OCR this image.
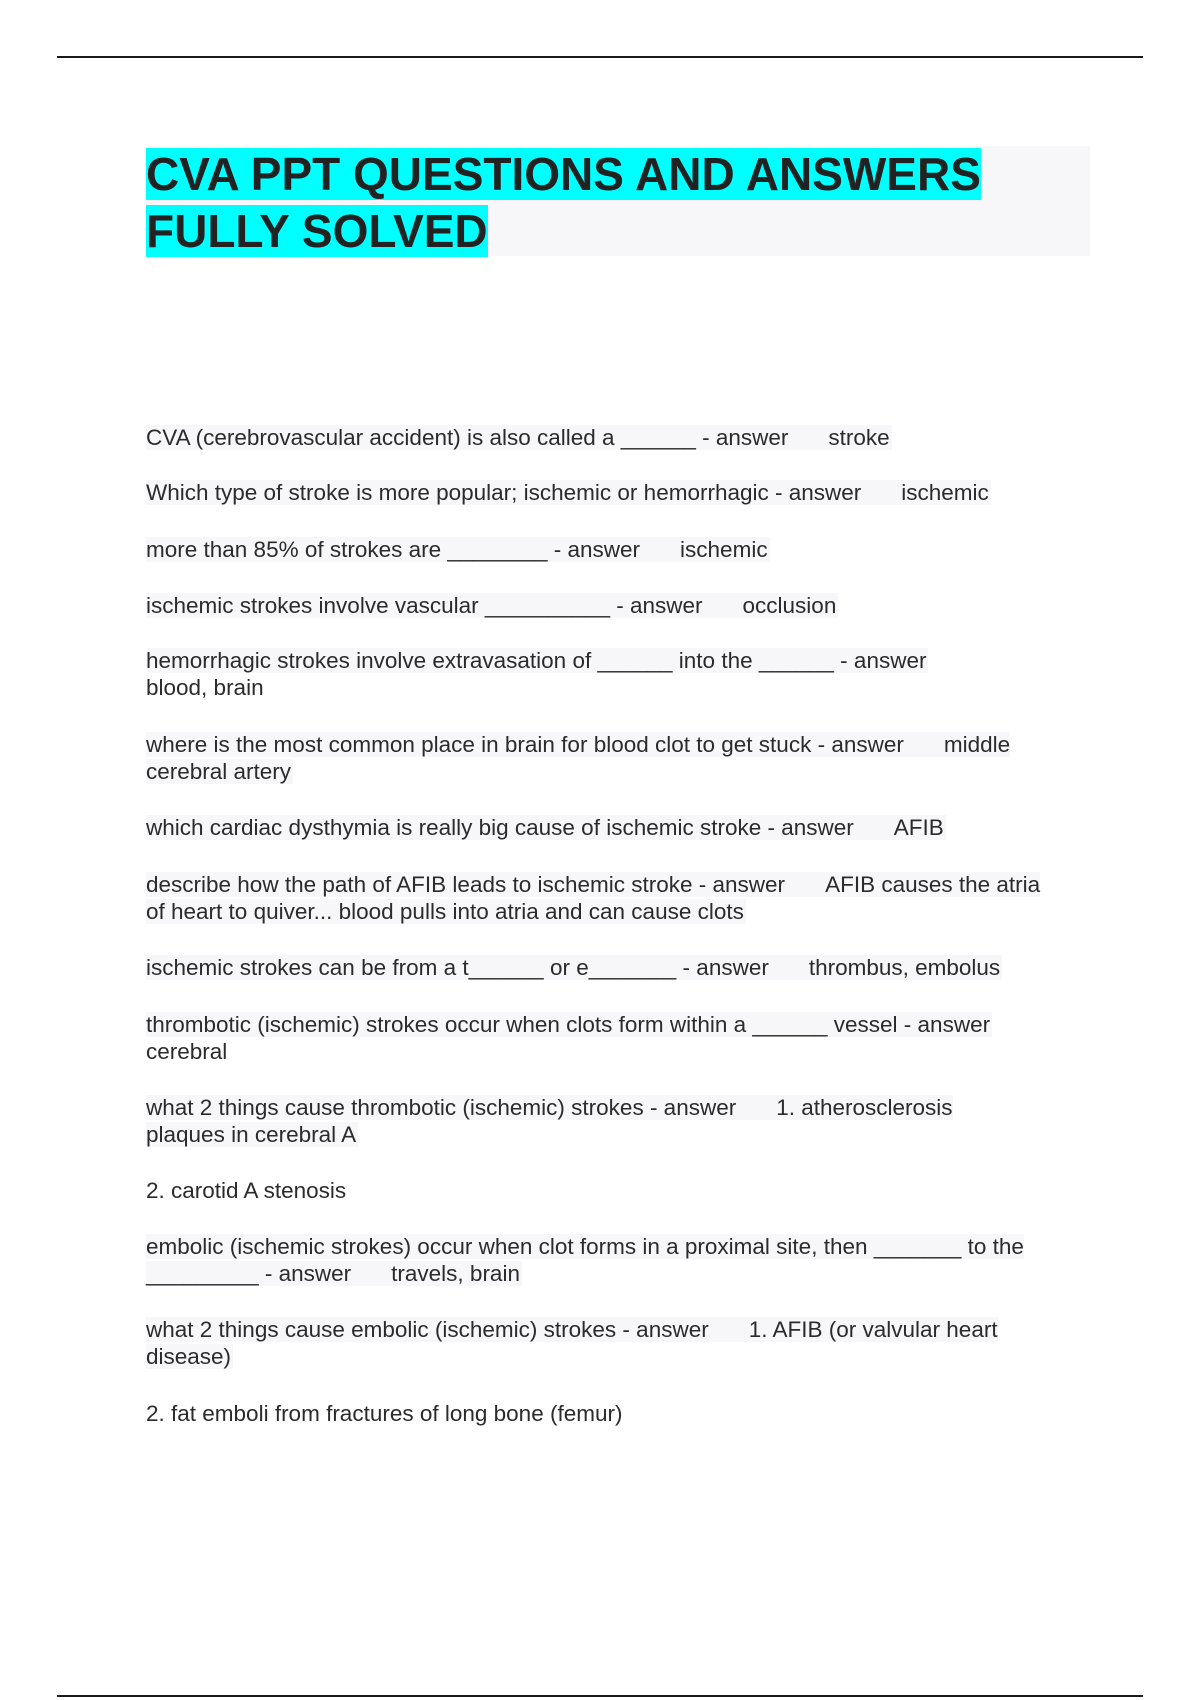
CVA PPT QUESTIONS AND ANSWERS
FULLY SOLVED
CVA (cerebrovascular accident) is also called a ______ - answer stroke
Which type of stroke is more popular; ischemic or hemorrhagic - answer ischemic
more than 85% of strokes are ________ - answer ischemic
ischemic strokes involve vascular __________ - answer occlusion
hemorrhagic strokes involve extravasation of ______ into the ______ - answer
blood, brain
where is the most common place in brain for blood clot to get stuck - answer middle cerebral artery
which cardiac dysthymia is really big cause of ischemic stroke - answer AFIB
describe how the path of AFIB leads to ischemic stroke - answer AFIB causes the atria of heart to quiver... blood pulls into atria and can cause clots
ischemic strokes can be from a t______ or e_______ - answer thrombus, embolus
thrombotic (ischemic) strokes occur when clots form within a ______ vessel - answer
cerebral
what 2 things cause thrombotic (ischemic) strokes - answer 1. atherosclerosis plaques in cerebral A
2. carotid A stenosis
embolic (ischemic strokes) occur when clot forms in a proximal site, then _______ to the _________ - answer travels, brain
what 2 things cause embolic (ischemic) strokes - answer 1. AFIB (or valvular heart disease)
2. fat emboli from fractures of long bone (femur)
